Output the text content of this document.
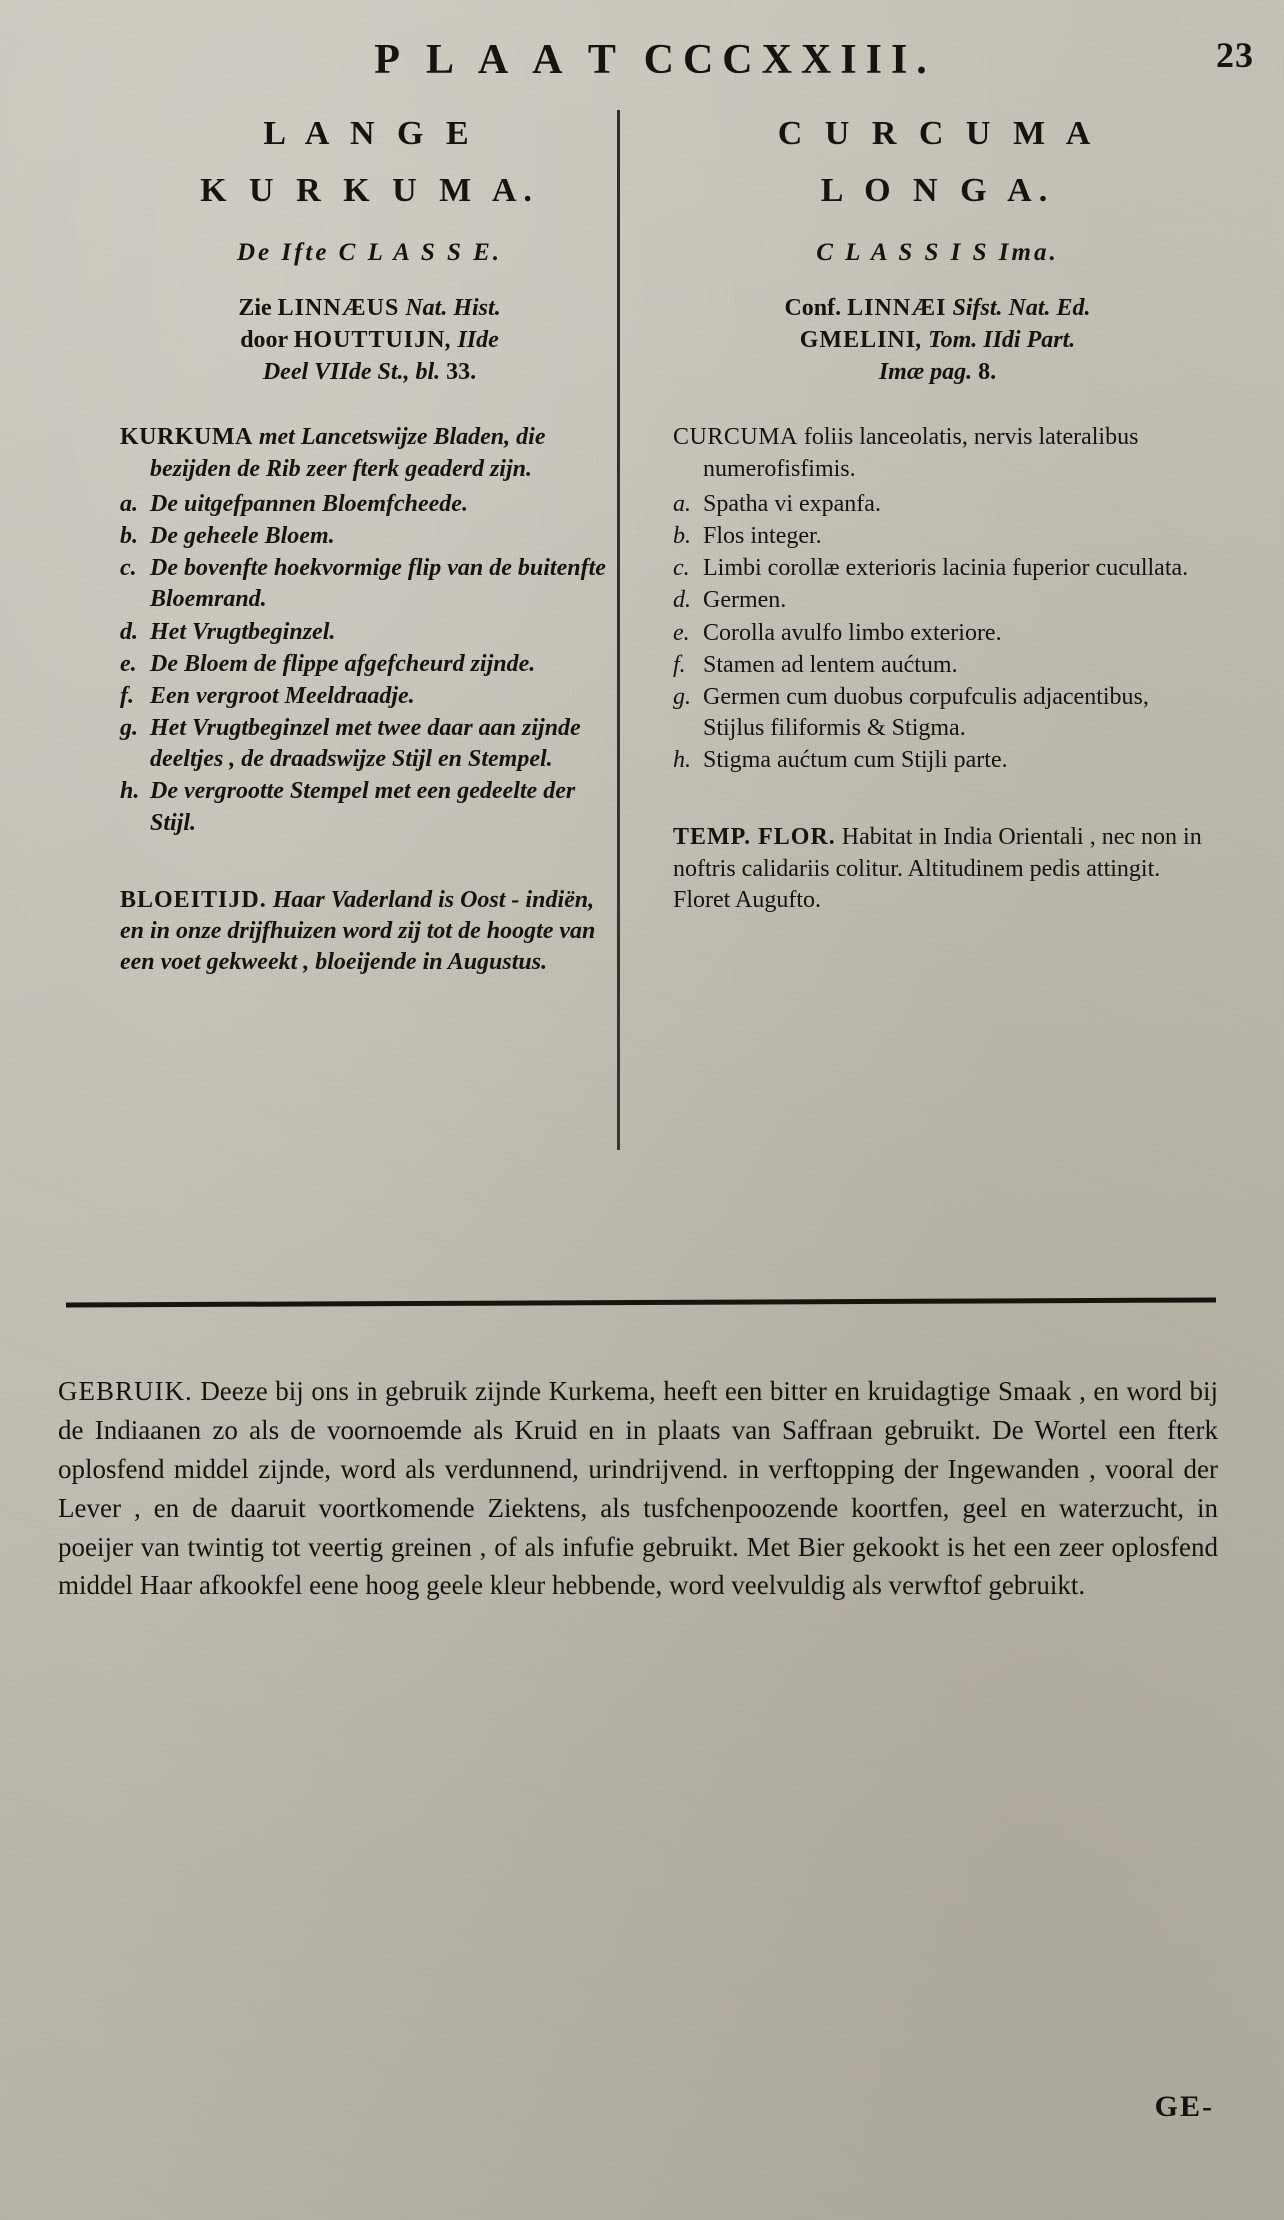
P L A A T CCCXXIII.	23
L A N G E
K U R K U M A.
De Ifte C L A S S E.
Zie LINNÆUS Nat. Hist.
door HOUTTUIJN, IIde
Deel VIIde St., bl. 33.
KURKUMA met Lancetswijze Bladen, die bezijden de Rib zeer fterk geaderd zijn.
a. De uitgefpannen Bloemfcheede.
b. De geheele Bloem.
c. De bovenfte hoekvormige flip van de buitenfte Bloemrand.
d. Het Vrugtbeginzel.
e. De Bloem de flippe afgefcheurd zijnde.
f. Een vergroot Meeldraadje.
g. Het Vrugtbeginzel met twee daar aan zijnde deeltjes , de draadswijze Stijl en Stempel.
h. De vergrootte Stempel met een gedeelte der Stijl.
BLOEITIJD. Haar Vaderland is Oost - indiën, en in onze drijfhuizen word zij tot de hoogte van een voet gekweekt , bloeijende in Augustus.
C U R C U M A
L O N G A.
C L A S S I S Ima.
Conf. LINNÆI Sifst. Nat. Ed.
GMELINI, Tom. IIdi Part.
Imæ pag. 8.
CURCUMA foliis lanceolatis, nervis lateralibus numerofisfimis.
a. Spatha vi expanfa.
b. Flos integer.
c. Limbi corollæ exterioris lacinia fuperior cucullata.
d. Germen.
e. Corolla avulfo limbo exteriore.
f. Stamen ad lentem aućtum.
g. Germen cum duobus corpufculis adjacentibus, Stijlus filiformis & Stigma.
h. Stigma aućtum cum Stijli parte.
TEMP. FLOR. Habitat in India Orientali , nec non in noftris calidariis colitur. Altitudinem pedis attingit. Floret Augufto.

GEBRUIK. Deeze bij ons in gebruik zijnde Kurkema, heeft een bitter en kruidagtige Smaak , en word bij de Indiaanen zo als de voornoemde als Kruid en in plaats van Saffraan gebruikt. De Wortel een fterk oplosfend middel zijnde, word als verdunnend, urindrijvend. in verftopping der Ingewanden , vooral der Lever , en de daaruit voortkomende Ziektens, als tusfchenpoozende koortfen, geel en waterzucht, in poeijer van twintig tot veertig greinen , of als infufie gebruikt. Met Bier gekookt is het een zeer oplosfend middel Haar afkookfel eene hoog geele kleur hebbende, word veelvuldig als verwftof gebruikt.

GE-
